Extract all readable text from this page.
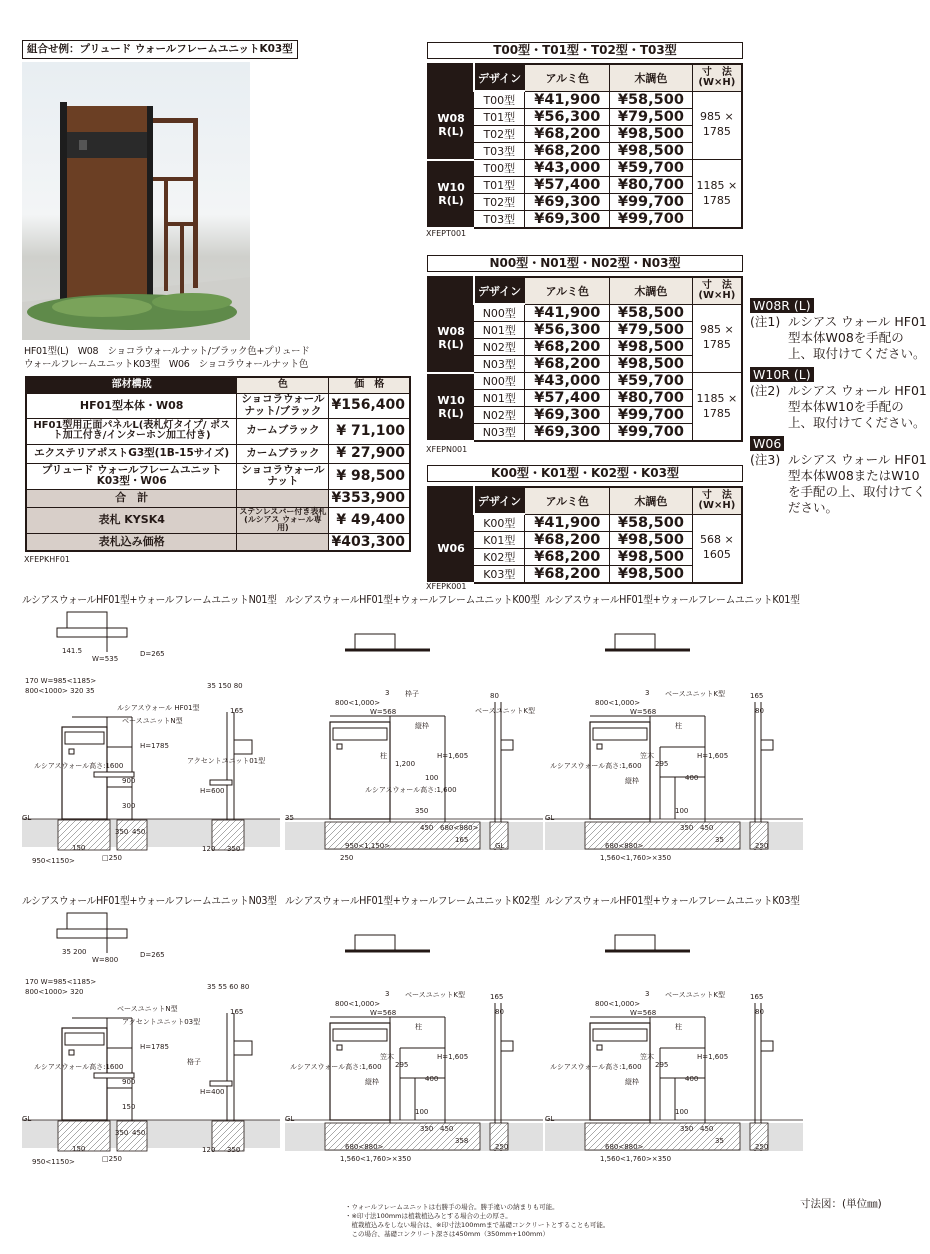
組合せ例：プリュード ウォールフレームユニットK03型
HF01型(L)　W08　ショコラウォールナット/ブラック色+プリュード
ウォールフレームユニットK03型　W06　ショコラウォールナット色
部材構成	色	価　格
HF01型本体・W08	ショコラウォール ナット/ブラック	¥156,400
HF01型用正面パネルL(表札灯タイプ/ ポスト加工付き/インターホン加工付き)	カームブラック	¥ 71,100
エクステリアポストG3型(1B-15サイズ)	カームブラック	¥ 27,900
プリュード ウォールフレームユニット K03型・W06	ショコラウォール ナット	¥ 98,500
合　計		¥353,900
表札 KYSK4	ステンレスバー付き表札 (ルシアス ウォール専用)	¥ 49,400
表札込み価格		¥403,300
XFEPKHF01
T00型・T01型・T02型・T03型
	デザイン	アルミ色	木調色	寸　法 (W×H)
W08 R(L)	T00型	¥41,900	¥58,500	985 × 1785
	T01型	¥56,300	¥79,500	
	T02型	¥68,200	¥98,500	
	T03型	¥68,200	¥98,500	
W10 R(L)	T00型	¥43,000	¥59,700	1185 × 1785
	T01型	¥57,400	¥80,700	
	T02型	¥69,300	¥99,700	
	T03型	¥69,300	¥99,700	
XFEPT001
N00型・N01型・N02型・N03型
	デザイン	アルミ色	木調色	寸　法 (W×H)
W08 R(L)	N00型	¥41,900	¥58,500	985 × 1785
	N01型	¥56,300	¥79,500	
	N02型	¥68,200	¥98,500	
	N03型	¥68,200	¥98,500	
W10 R(L)	N00型	¥43,000	¥59,700	1185 × 1785
	N01型	¥57,400	¥80,700	
	N02型	¥69,300	¥99,700	
	N03型	¥69,300	¥99,700	
XFEPN001
K00型・K01型・K02型・K03型
	デザイン	アルミ色	木調色	寸　法 (W×H)
W06	K00型	¥41,900	¥58,500	568 × 1605
	K01型	¥68,200	¥98,500	
	K02型	¥68,200	¥98,500	
	K03型	¥68,200	¥98,500	
XFEPK001
W08R (L)
(注1) ルシアス ウォール HF01型本体W08を手配の上、取付けてください。
W10R (L)
(注2) ルシアス ウォール HF01型本体W10を手配の上、取付けてください。
W06
(注3) ルシアス ウォール HF01型本体W08またはW10を手配の上、取付けてください。
ルシアスウォールHF01型+ウォールフレームユニットN01型
170 W=985<1185>
800<1000> 320 35
H=1785
900
300
350 450
950<1150>
150
□250
GL
W=535
141.5	D=265
35 150 80
165
H=600
120 350
ルシアスウォール HF01型
ベースユニットN型
アクセントユニット01型
ルシアスウォール高さ:1600
ルシアスウォールHF01型+ウォールフレームユニットK00型
3
800<1,000>
W=568
H=1,605
1,200
100
350
450 680<880>
950<1,150>
250
GL
35
165
80
ベースユニットK型
枠子
柱
縦枠
ルシアスウォール高さ:1,600
ルシアスウォールHF01型+ウォールフレームユニットK01型
3
800<1,000>
W=568
H=1,605
295
400
100
350 450
680<880>
1,560<1,760>×350
250
GL
35
165
80
ベースユニットK型
笠木
柱
縦枠
ルシアスウォール高さ:1,600
ルシアスウォールHF01型+ウォールフレームユニットN03型
170 W=985<1185>
800<1000> 320
H=1785
900
150
350 450
950<1150>
150
□250
GL
W=800
35 200	D=265
35 55 60 80
165
H=400
120 350
ベースユニットN型
アクセントユニット03型
格子
ルシアスウォール高さ:1600
ルシアスウォールHF01型+ウォールフレームユニットK02型
3
800<1,000>
W=568
H=1,605
295
400
100
350 450
680<880>
1,560<1,760>×350
250
GL
358
165
80
ベースユニットK型
笠木
柱
縦枠
ルシアスウォール高さ:1,600
ルシアスウォールHF01型+ウォールフレームユニットK03型
3
800<1,000>
W=568
H=1,605
295
400
100
350 450
680<880>
1,560<1,760>×350
250
GL
35
165
80
ベースユニットK型
笠木
柱
縦枠
ルシアスウォール高さ:1,600
・ウォールフレームユニットは右勝手の場合。勝手違いの納まりも可能。
・※印寸法100mmは植栽植込みとする場合の土の厚さ。
　植栽植込みをしない場合は、※印寸法100mmまで基礎コンクリートとすることも可能。
　この場合、基礎コンクリート深さは450mm（350mm+100mm）
寸法図：(単位㎜)
